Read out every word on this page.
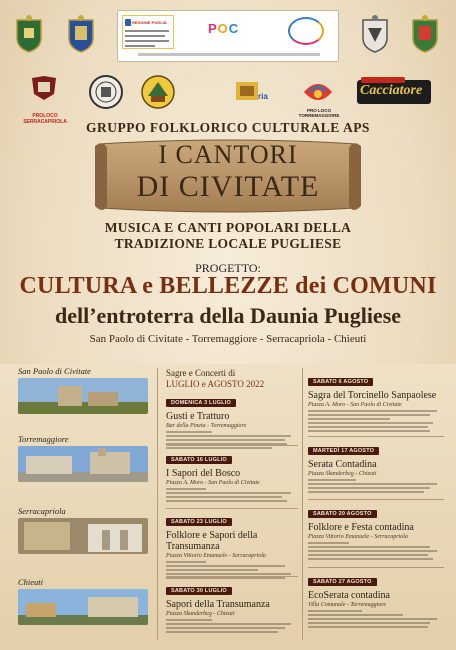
REGIONE PUGLIA	POC
PROLOCO SERRACAPRIOLA
ria
PRO LOCO TORREMAGGIORE
Cacciatore
GRUPPO FOLKLORICO CULTURALE APS
I CANTORI
DI CIVITATE
MUSICA E CANTI POPOLARI DELLA
TRADIZIONE LOCALE PUGLIESE
PROGETTO:
CULTURA e BELLEZZE dei COMUNI
dell’entroterra della Daunia Pugliese
San Paolo di Civitate - Torremaggiore - Serracapriola - Chieuti
San Paolo di Civitate
Torremaggiore
Serracapriola
Chieuti
Sagre e Concerti di
LUGLIO e AGOSTO 2022
DOMENICA 3 LUGLIO
Gusti e Tratturo
Bar della Pineta - Torremaggiore
SABATO 16 LUGLIO
I Sapori del Bosco
Piazza A. Moro - San Paolo di Civitate
SABATO 23 LUGLIO
Folklore e Sapori della Transumanza
Piazza Vittorio Emanuele - Serracapriola
SABATO 30 LUGLIO
Sapori della Transumanza
Piazza Skanderbeg - Chieuti
SABATO 6 AGOSTO
Sagra del Torcinello Sanpaolese
Piazza A. Moro - San Paolo di Civitate
MARTEDÌ 17 AGOSTO
Serata Contadina
Piazza Skanderbeg - Chieuti
SABATO 20 AGOSTO
Folklore e Festa contadina
Piazza Vittorio Emanuele - Serracapriola
SABATO 27 AGOSTO
EcoSerata contadina
Villa Comunale - Torremaggiore
